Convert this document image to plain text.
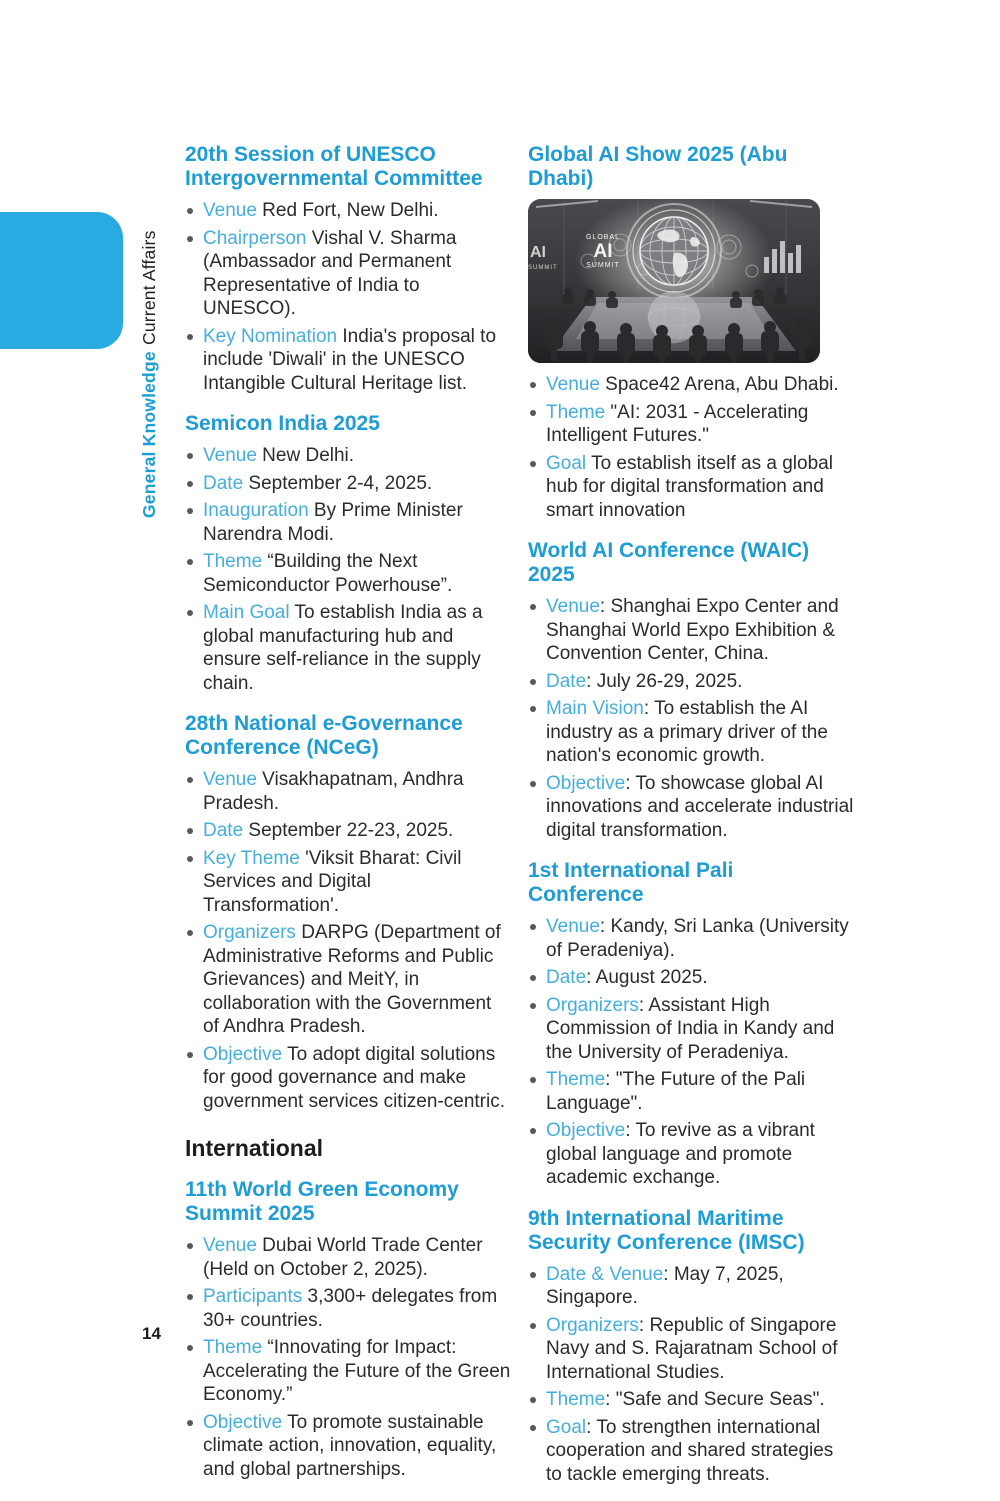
General KnowledgeCurrent Affairs
20th Session of UNESCO Intergovernmental Committee
Venue Red Fort, New Delhi.
Chairperson Vishal V. Sharma (Ambassador and Permanent Representative of India to UNESCO).
Key Nomination India's proposal to include 'Diwali' in the UNESCO Intangible Cultural Heritage list.
Semicon India 2025
Venue New Delhi.
Date September 2-4, 2025.
Inauguration By Prime Minister Narendra Modi.
Theme “Building the Next Semiconductor Powerhouse”.
Main Goal To establish India as a global manufacturing hub and ensure self-reliance in the supply chain.
28th National e-Governance Conference (NCeG)
Venue Visakhapatnam, Andhra Pradesh.
Date September 22-23, 2025.
Key Theme 'Viksit Bharat: Civil Services and Digital Transformation'.
Organizers DARPG (Department of Administrative Reforms and Public Grievances) and MeitY, in collaboration with the Government of Andhra Pradesh.
Objective To adopt digital solutions for good governance and make government services citizen-centric.
International
11th World Green Economy Summit 2025
Venue Dubai World Trade Center (Held on October 2, 2025).
Participants 3,300+ delegates from 30+ countries.
Theme “Innovating for Impact: Accelerating the Future of the Green Economy.”
Objective To promote sustainable climate action, innovation, equality, and global partnerships.
Global AI Show 2025 (Abu Dhabi)
GLOBAL
AI
SUMMIT
AI
SUMMIT
Venue Space42 Arena, Abu Dhabi.
Theme "AI: 2031 - Accelerating Intelligent Futures."
Goal To establish itself as a global hub for digital transformation and smart innovation
World AI Conference (WAIC) 2025
Venue: Shanghai Expo Center and Shanghai World Expo Exhibition & Convention Center, China.
Date: July 26-29, 2025.
Main Vision: To establish the AI industry as a primary driver of the nation's economic growth.
Objective: To showcase global AI innovations and accelerate industrial digital transformation.
1st International Pali Conference
Venue: Kandy, Sri Lanka (University of Peradeniya).
Date: August 2025.
Organizers: Assistant High Commission of India in Kandy and the University of Peradeniya.
Theme: "The Future of the Pali Language".
Objective: To revive as a vibrant global language and promote academic exchange.
9th International Maritime Security Conference (IMSC)
Date & Venue: May 7, 2025, Singapore.
Organizers: Republic of Singapore Navy and S. Rajaratnam School of International Studies.
Theme: "Safe and Secure Seas".
Goal: To strengthen international cooperation and shared strategies to tackle emerging threats.
14
